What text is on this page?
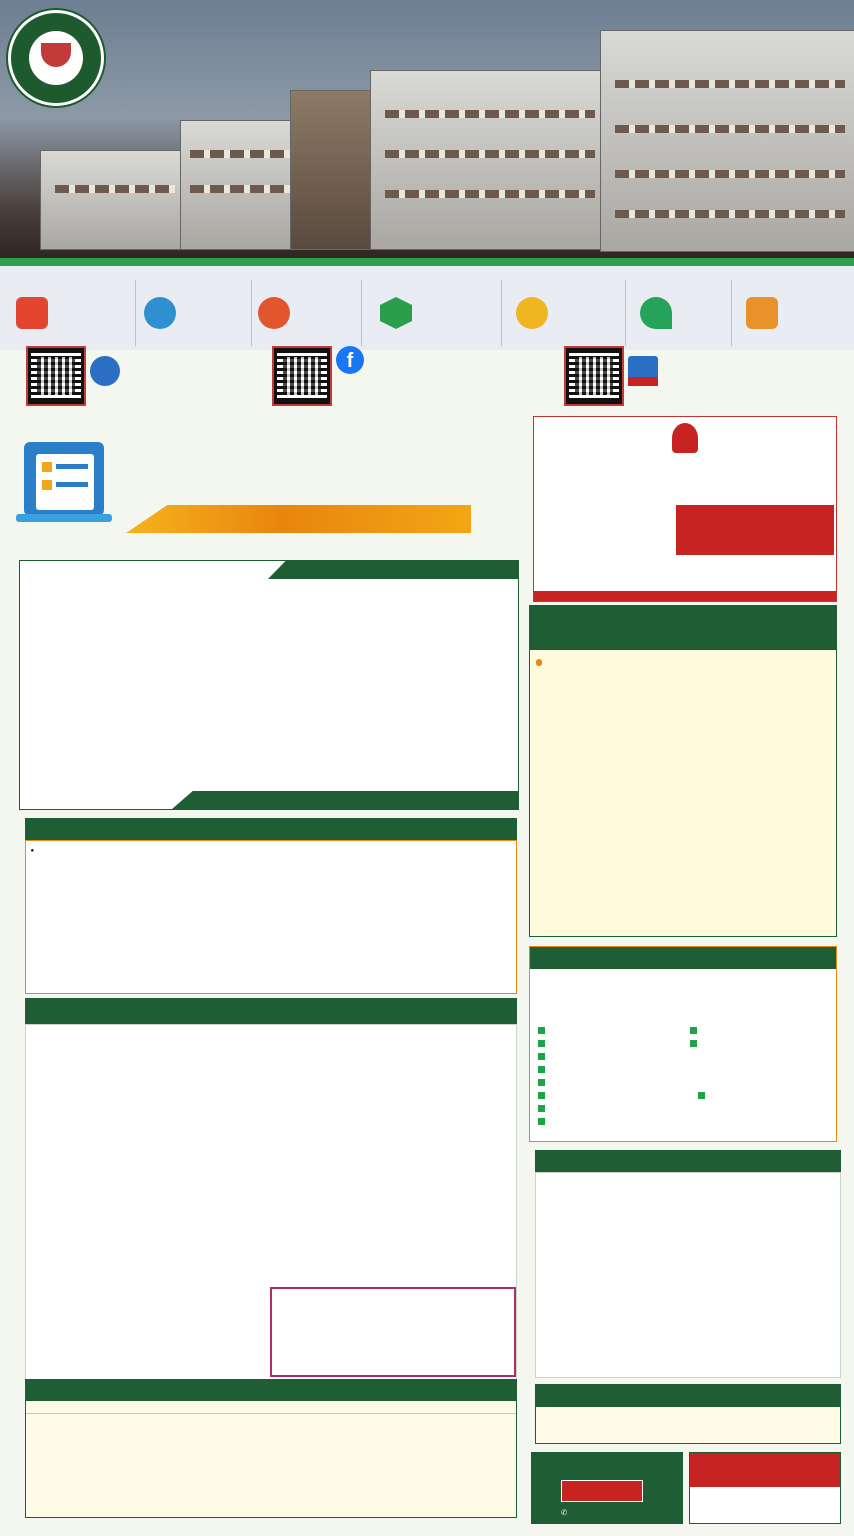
f

✆
